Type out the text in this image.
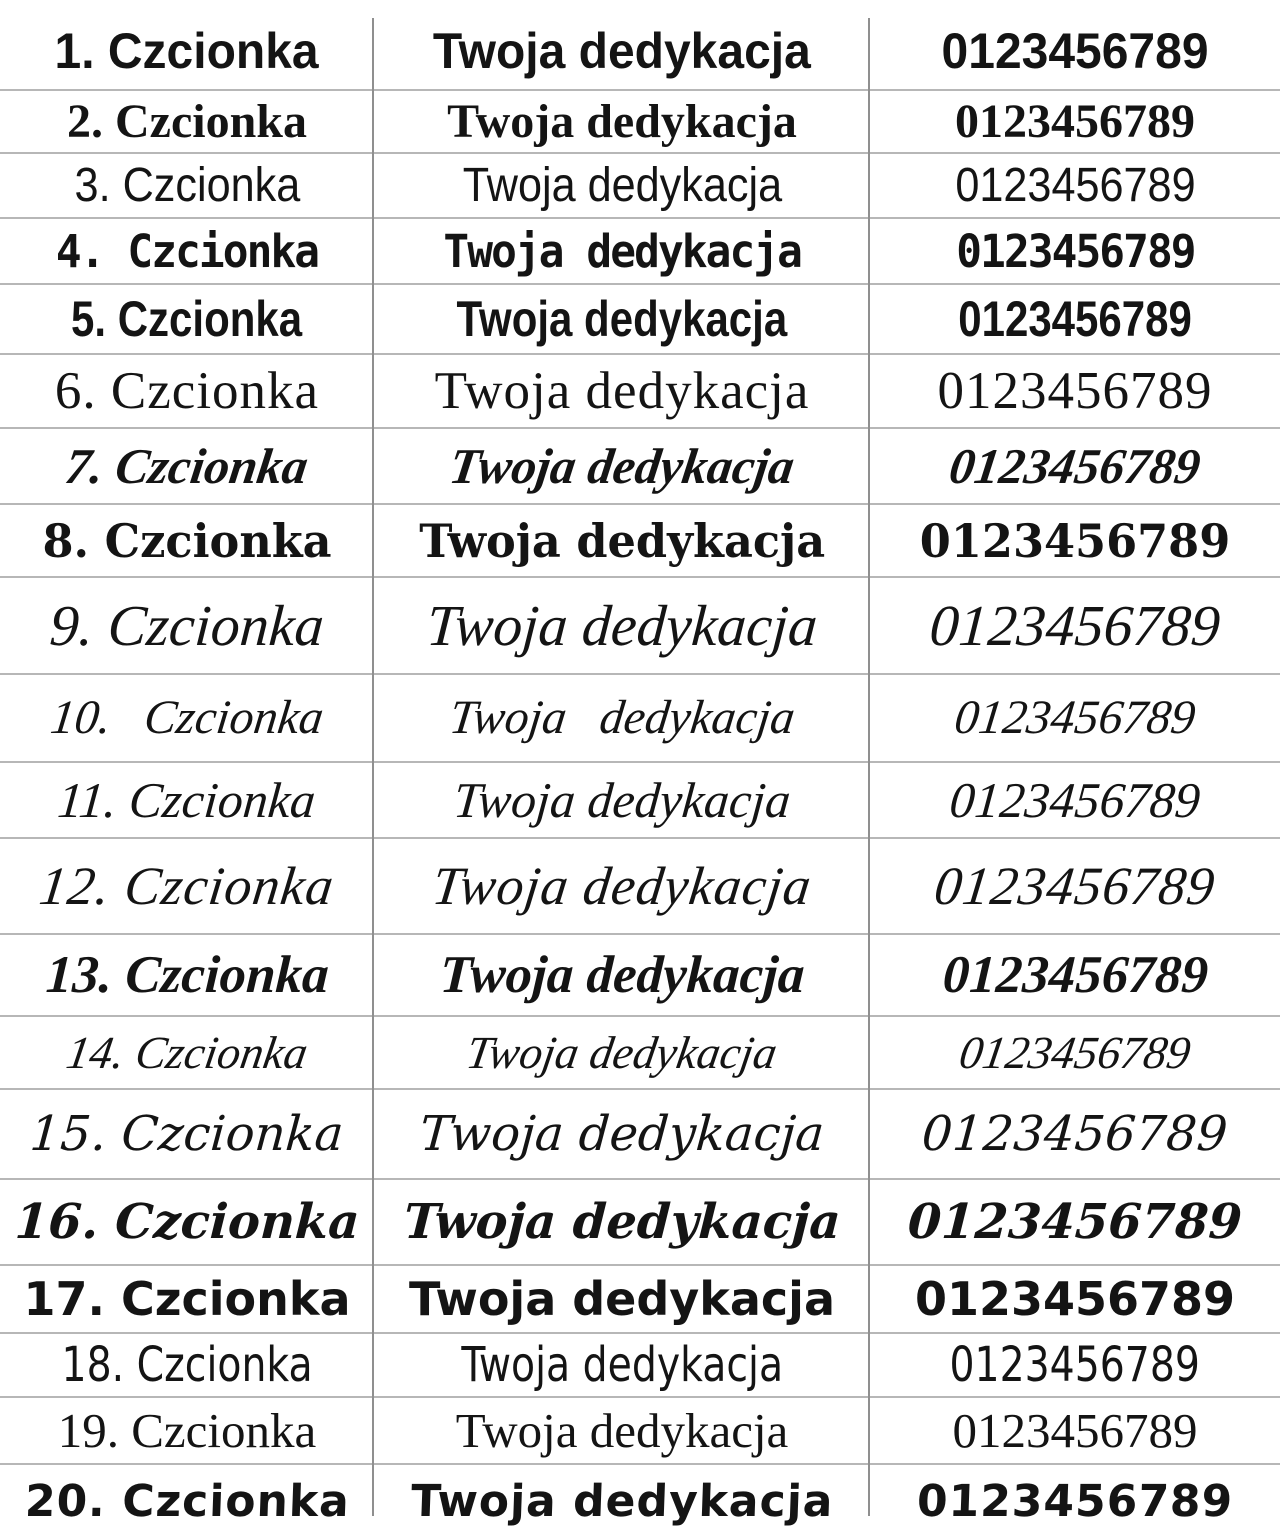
1. Czcionka Twoja dedykacja	0123456789
2. Czcionka	Twoja dedykacja	0123456789
3. Czcionka	Twoja dedykacja	0123456789
4. Czcionka	Twoja dedykacja	0123456789
5. Czcionka	Twoja dedykacja	0123456789
6. Czcionka Twoja dedykacja 0123456789
7. Czcionka	Twoja dedykacja	0123456789
8. Czcionka Twoja dedykacja 0123456789
9. Czcionka Twoja dedykacja 0123456789
10. Czcionka	Twoja dedykacja	0123456789
11. Czcionka	Twoja dedykacja	0123456789
12. Czcionka Twoja dedykacja 0123456789
13. Czcionka Twoja dedykacja	0123456789
14. Czcionka	Twoja dedykacja	0123456789
15. Czcionka Twoja dedykacja 0123456789
16. Czcionka Twoja dedykacja 0123456789
17. Czcionka Twoja dedykacja 0123456789
18. Czcionka	Twoja dedykacja	0123456789
19. Czcionka	Twoja dedykacja	0123456789
20. Czcionka Twoja dedykacja 0123456789
